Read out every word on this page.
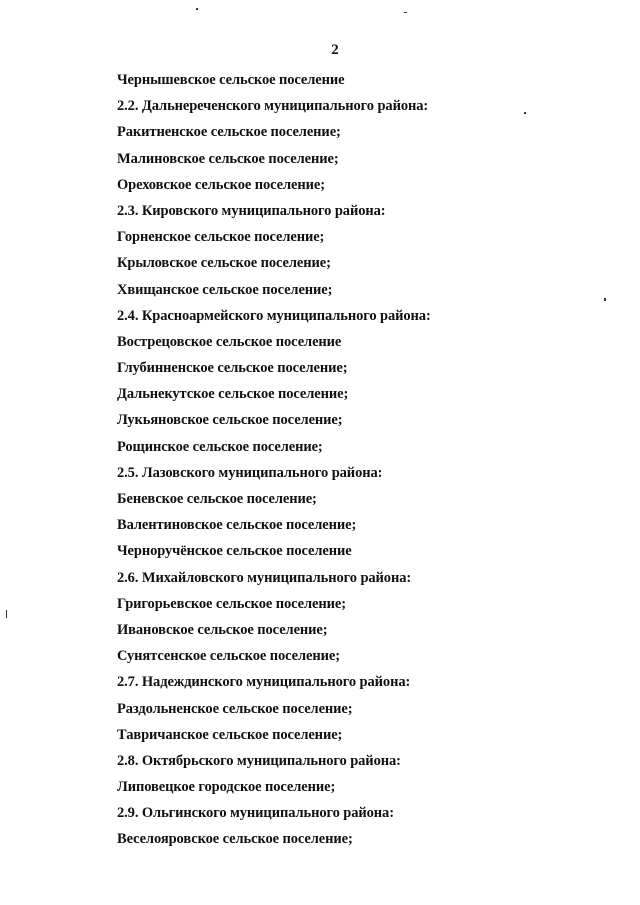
2
Чернышевское сельское поселение
2.2. Дальнереченского муниципального района:
Ракитненское сельское поселение;
Малиновское сельское поселение;
Ореховское сельское поселение;
2.3. Кировского муниципального района:
Горненское сельское поселение;
Крыловское сельское поселение;
Хвищанское сельское поселение;
2.4. Красноармейского муниципального района:
Вострецовское сельское поселение
Глубинненское сельское поселение;
Дальнекутское сельское поселение;
Лукьяновское сельское поселение;
Рощинское сельское поселение;
2.5. Лазовского муниципального района:
Беневское сельское поселение;
Валентиновское сельское поселение;
Черноручёнское сельское поселение
2.6. Михайловского муниципального района:
Григорьевское сельское поселение;
Ивановское сельское поселение;
Сунятсенское сельское поселение;
2.7. Надеждинского муниципального района:
Раздольненское сельское поселение;
Тавричанское сельское поселение;
2.8. Октябрьского муниципального района:
Липовецкое городское поселение;
2.9. Ольгинского муниципального района:
Веселояровское сельское поселение;
